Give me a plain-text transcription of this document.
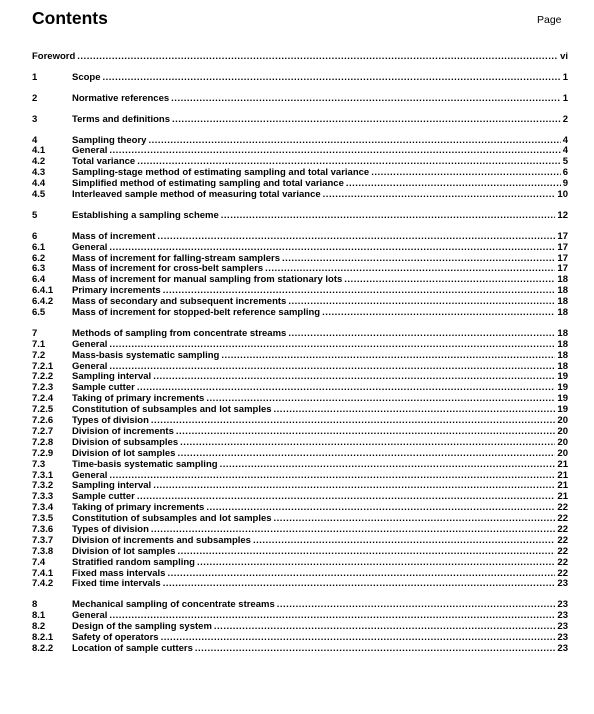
Contents	Page
Foreword .....	vi
1	Scope .....	1
2	Normative references .....	1
3	Terms and definitions .....	2
4	Sampling theory .....	4
4.1	General .....	4
4.2	Total variance .....	5
4.3	Sampling-stage method of estimating sampling and total variance .....	6
4.4	Simplified method of estimating sampling and total variance .....	9
4.5	Interleaved sample method of measuring total variance .....	10
5	Establishing a sampling scheme .....	12
6	Mass of increment .....	17
6.1	General .....	17
6.2	Mass of increment for falling-stream samplers .....	17
6.3	Mass of increment for cross-belt samplers .....	17
6.4	Mass of increment for manual sampling from stationary lots .....	18
6.4.1	Primary increments .....	18
6.4.2	Mass of secondary and subsequent increments .....	18
6.5	Mass of increment for stopped-belt reference sampling .....	18
7	Methods of sampling from concentrate streams .....	18
7.1	General .....	18
7.2	Mass-basis systematic sampling .....	18
7.2.1	General .....	18
7.2.2	Sampling interval .....	19
7.2.3	Sample cutter .....	19
7.2.4	Taking of primary increments .....	19
7.2.5	Constitution of subsamples and lot samples .....	19
7.2.6	Types of division .....	20
7.2.7	Division of increments .....	20
7.2.8	Division of subsamples .....	20
7.2.9	Division of lot samples .....	20
7.3	Time-basis systematic sampling .....	21
7.3.1	General .....	21
7.3.2	Sampling interval .....	21
7.3.3	Sample cutter .....	21
7.3.4	Taking of primary increments .....	22
7.3.5	Constitution of subsamples and lot samples .....	22
7.3.6	Types of division .....	22
7.3.7	Division of increments and subsamples .....	22
7.3.8	Division of lot samples .....	22
7.4	Stratified random sampling .....	22
7.4.1	Fixed mass intervals .....	22
7.4.2	Fixed time intervals .....	23
8	Mechanical sampling of concentrate streams .....	23
8.1	General .....	23
8.2	Design of the sampling system .....	23
8.2.1	Safety of operators .....	23
8.2.2	Location of sample cutters .....	23
